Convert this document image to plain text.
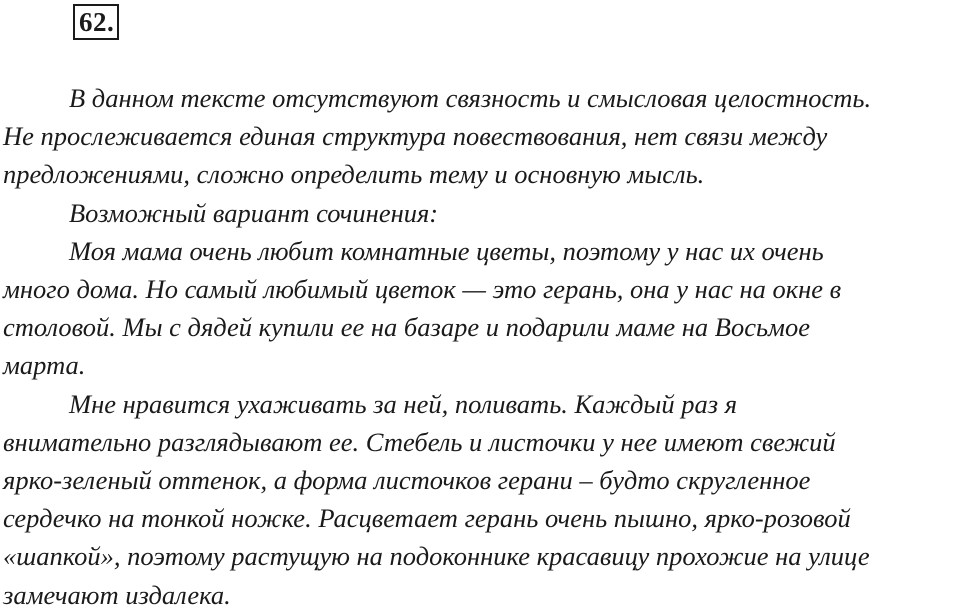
62.

В данном тексте отсутствуют связность и смысловая целостность.
Не прослеживается единая структура повествования, нет связи между
предложениями, сложно определить тему и основную мысль.

Возможный вариант сочинения:

Моя мама очень любит комнатные цветы, поэтому у нас их очень
много дома. Но самый любимый цветок — это герань, она у нас на окне в
столовой. Мы с дядей купили ее на базаре и подарили маме на Восьмое
марта.

Мне нравится ухаживать за ней, поливать. Каждый раз я
внимательно разглядывают ее. Стебель и листочки у нее имеют свежий
ярко-зеленый оттенок, а форма листочков герани – будто скругленное
сердечко на тонкой ножке. Расцветает герань очень пышно, ярко-розовой
«шапкой», поэтому растущую на подоконнике красавицу прохожие на улице
замечают издалека.
